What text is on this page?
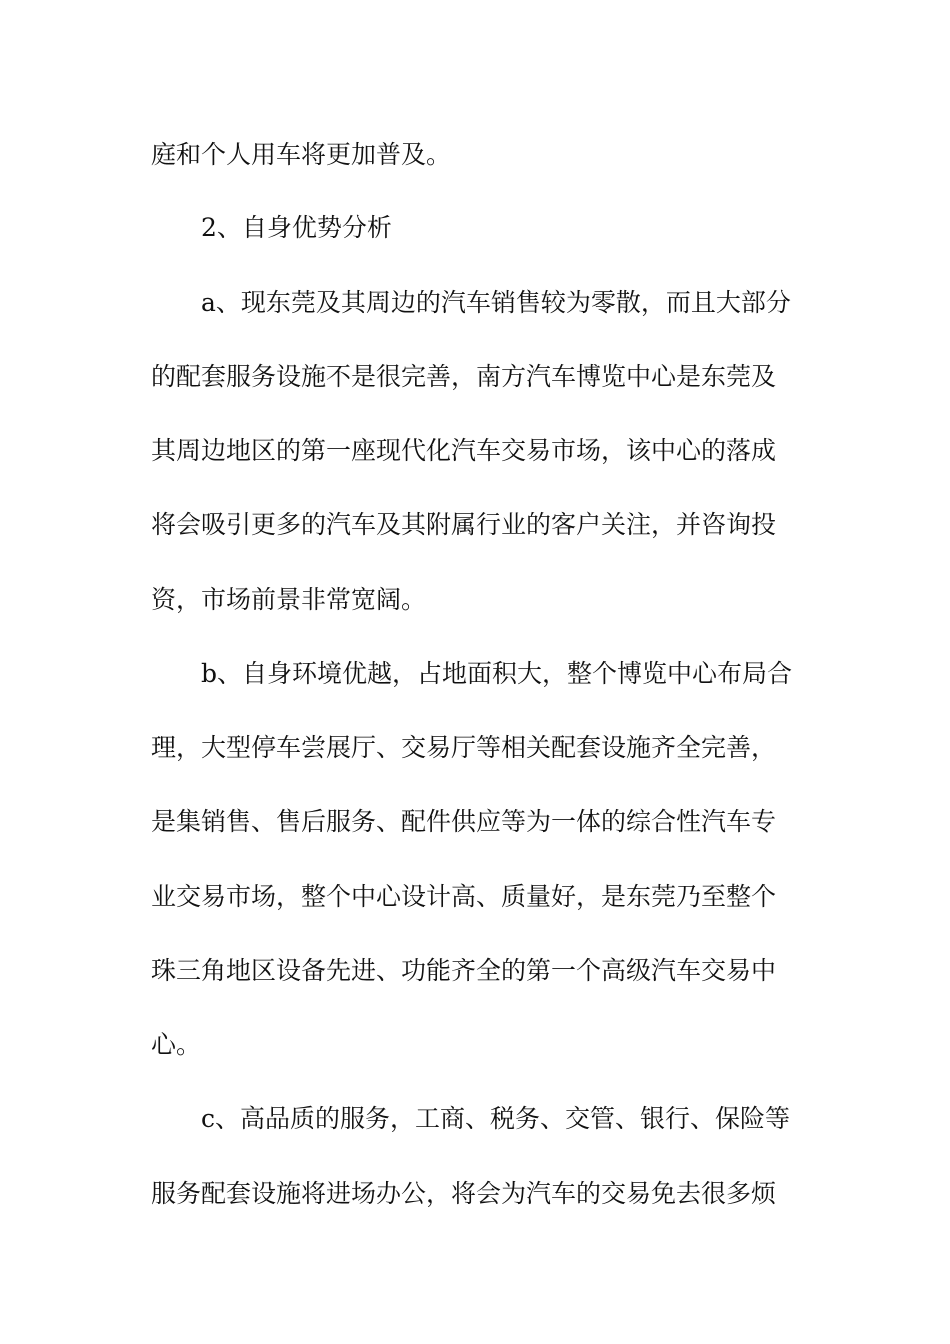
庭和个人用车将更加普及。

2、自身优势分析

a、现东莞及其周边的汽车销售较为零散，而且大部分

的配套服务设施不是很完善，南方汽车博览中心是东莞及

其周边地区的第一座现代化汽车交易市场，该中心的落成

将会吸引更多的汽车及其附属行业的客户关注，并咨询投

资，市场前景非常宽阔。

b、自身环境优越，占地面积大，整个博览中心布局合

理，大型停车尝展厅、交易厅等相关配套设施齐全完善，

是集销售、售后服务、配件供应等为一体的综合性汽车专

业交易市场，整个中心设计高、质量好，是东莞乃至整个

珠三角地区设备先进、功能齐全的第一个高级汽车交易中

心。

c、高品质的服务，工商、税务、交管、银行、保险等

服务配套设施将进场办公，将会为汽车的交易免去很多烦
